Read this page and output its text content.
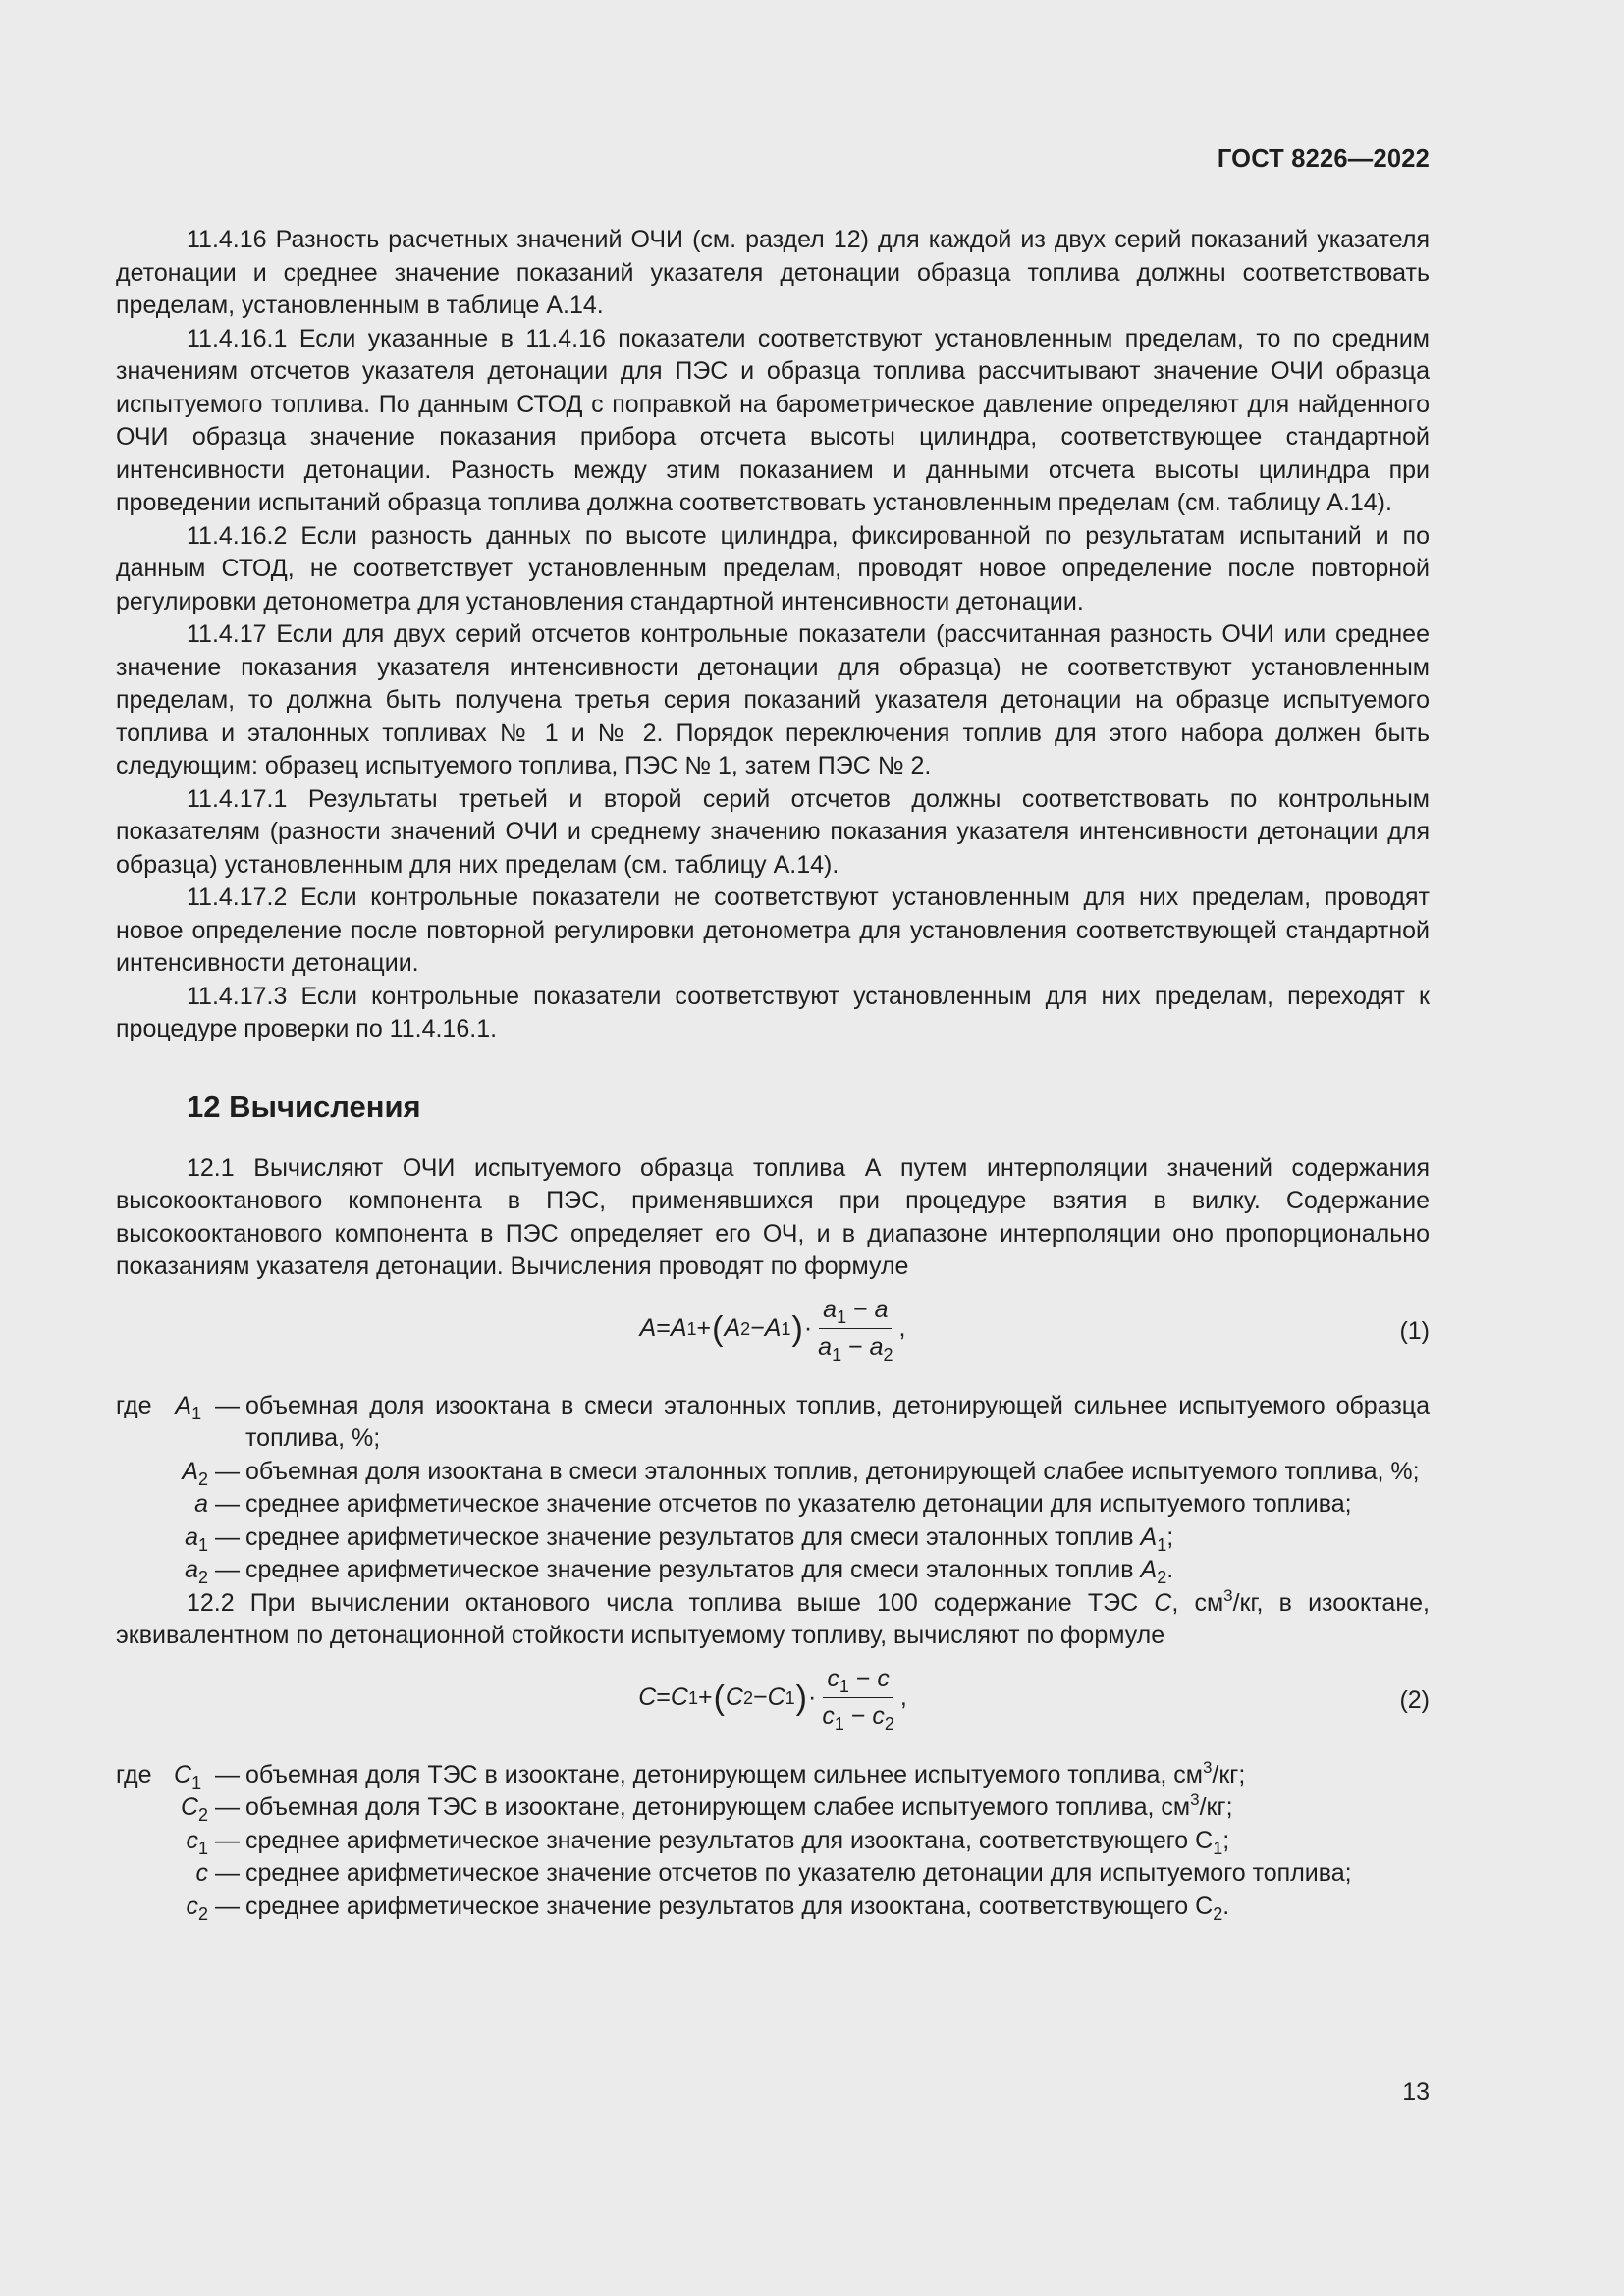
ГОСТ 8226—2022

11.4.16 Разность расчетных значений ОЧИ (см. раздел 12) для каждой из двух серий показаний указателя детонации и среднее значение показаний указателя детонации образца топлива должны соответствовать пределам, установленным в таблице А.14.

11.4.16.1 Если указанные в 11.4.16 показатели соответствуют установленным пределам, то по средним значениям отсчетов указателя детонации для ПЭС и образца топлива рассчитывают значение ОЧИ образца испытуемого топлива. По данным СТОД с поправкой на барометрическое давление определяют для найденного ОЧИ образца значение показания прибора отсчета высоты цилиндра, соответствующее стандартной интенсивности детонации. Разность между этим показанием и данными отсчета высоты цилиндра при проведении испытаний образца топлива должна соответствовать установленным пределам (см. таблицу А.14).

11.4.16.2 Если разность данных по высоте цилиндра, фиксированной по результатам испытаний и по данным СТОД, не соответствует установленным пределам, проводят новое определение после повторной регулировки детонометра для установления стандартной интенсивности детонации.

11.4.17 Если для двух серий отсчетов контрольные показатели (рассчитанная разность ОЧИ или среднее значение показания указателя интенсивности детонации для образца) не соответствуют установленным пределам, то должна быть получена третья серия показаний указателя детонации на образце испытуемого топлива и эталонных топливах № 1 и № 2. Порядок переключения топлив для этого набора должен быть следующим: образец испытуемого топлива, ПЭС № 1, затем ПЭС № 2.

11.4.17.1 Результаты третьей и второй серий отсчетов должны соответствовать по контрольным показателям (разности значений ОЧИ и среднему значению показания указателя интенсивности детонации для образца) установленным для них пределам (см. таблицу А.14).

11.4.17.2 Если контрольные показатели не соответствуют установленным для них пределам, проводят новое определение после повторной регулировки детонометра для установления соответствующей стандартной интенсивности детонации.

11.4.17.3 Если контрольные показатели соответствуют установленным для них пределам, переходят к процедуре проверки по 11.4.16.1.

12 Вычисления

12.1 Вычисляют ОЧИ испытуемого образца топлива А путем интерполяции значений содержания высокооктанового компонента в ПЭС, применявшихся при процедуре взятия в вилку. Содержание высокооктанового компонента в ПЭС определяет его ОЧ, и в диапазоне интерполяции оно пропорционально показаниям указателя детонации. Вычисления проводят по формуле

A = A 1 + ( A 2 − A 1 ) · $\frac{a_1 - a}{a_1 - a_2}$ ,	(1)
где $A_1$ — объемная доля изооктана в смеси эталонных топлив, детонирующей сильнее испытуемого образца топлива, %;
$A_2$ — объемная доля изооктана в смеси эталонных топлив, детонирующей слабее испытуемого топлива, %;
a — среднее арифметическое значение отсчетов по указателю детонации для испытуемого топлива;
$a_1$ — среднее арифметическое значение результатов для смеси эталонных топлив $A_1$;
$a_2$ — среднее арифметическое значение результатов для смеси эталонных топлив $A_2$.

12.2 При вычислении октанового числа топлива выше 100 содержание ТЭС C, $см^3/кг$, в изооктане, эквивалентном по детонационной стойкости испытуемому топливу, вычисляют по формуле

C = C 1 + ( C 2 − C 1 ) · $\frac{c_1 - c}{c_1 - c_2}$ ,	(2)
где $C_1$ — объемная доля ТЭС в изооктане, детонирующем сильнее испытуемого топлива, $см^3/кг$;
$C_2$ — объемная доля ТЭС в изооктане, детонирующем слабее испытуемого топлива, $см^3/кг$;
$c_1$ — среднее арифметическое значение результатов для изооктана, соответствующего $С_1$;
c — среднее арифметическое значение отсчетов по указателю детонации для испытуемого топлива;
$c_2$ — среднее арифметическое значение результатов для изооктана, соответствующего $С_2$.
13
